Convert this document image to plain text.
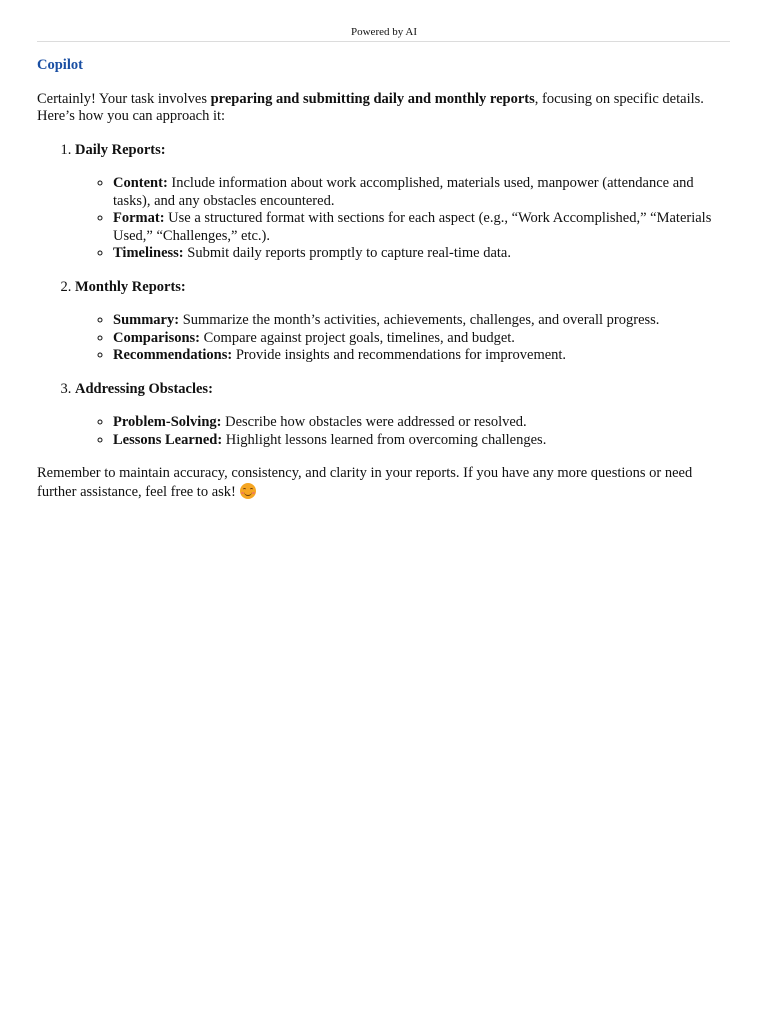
Powered by AI
Copilot

Certainly! Your task involves preparing and submitting daily and monthly reports, focusing on specific details. Here’s how you can approach it:

1. Daily Reports:
◦ Content: Include information about work accomplished, materials used, manpower (attendance and tasks), and any obstacles encountered.
◦ Format: Use a structured format with sections for each aspect (e.g., “Work Accomplished,” “Materials Used,” “Challenges,” etc.).
◦ Timeliness: Submit daily reports promptly to capture real-time data.
2. Monthly Reports:
◦ Summary: Summarize the month’s activities, achievements, challenges, and overall progress.
◦ Comparisons: Compare against project goals, timelines, and budget.
◦ Recommendations: Provide insights and recommendations for improvement.
3. Addressing Obstacles:
◦ Problem-Solving: Describe how obstacles were addressed or resolved.
◦ Lessons Learned: Highlight lessons learned from overcoming challenges.

Remember to maintain accuracy, consistency, and clarity in your reports. If you have any more questions or need further assistance, feel free to ask!
